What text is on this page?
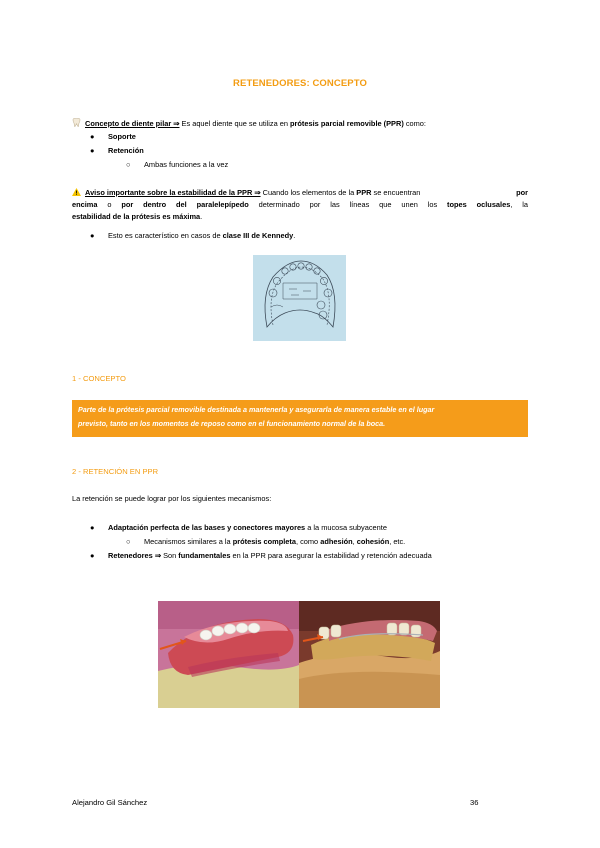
RETENEDORES: CONCEPTO
Concepto de diente pilar ⇒ Es aquel diente que se utiliza en prótesis parcial removible (PPR) como:
● Soporte
● Retención
○ Ambas funciones a la vez
Aviso importante sobre la estabilidad de la PPR ⇒ Cuando los elementos de la PPR se encuentran	por
encima o por dentro del paralelepípedo determinado por las líneas que unen los topes oclusales, la
estabilidad de la prótesis es máxima.
● Esto es característico en casos de clase III de Kennedy.
1 - CONCEPTO
Parte de la prótesis parcial removible destinada a mantenerla y asegurarla de manera estable en el lugar
previsto, tanto en los momentos de reposo como en el funcionamiento normal de la boca.
2 - RETENCIÓN EN PPR
La retención se puede lograr por los siguientes mecanismos:
● Adaptación perfecta de las bases y conectores mayores a la mucosa subyacente
○ Mecanismos similares a la prótesis completa, como adhesión, cohesión, etc.
● Retenedores ⇒ Son fundamentales en la PPR para asegurar la estabilidad y retención adecuada
Alejandro Gil Sánchez	36
